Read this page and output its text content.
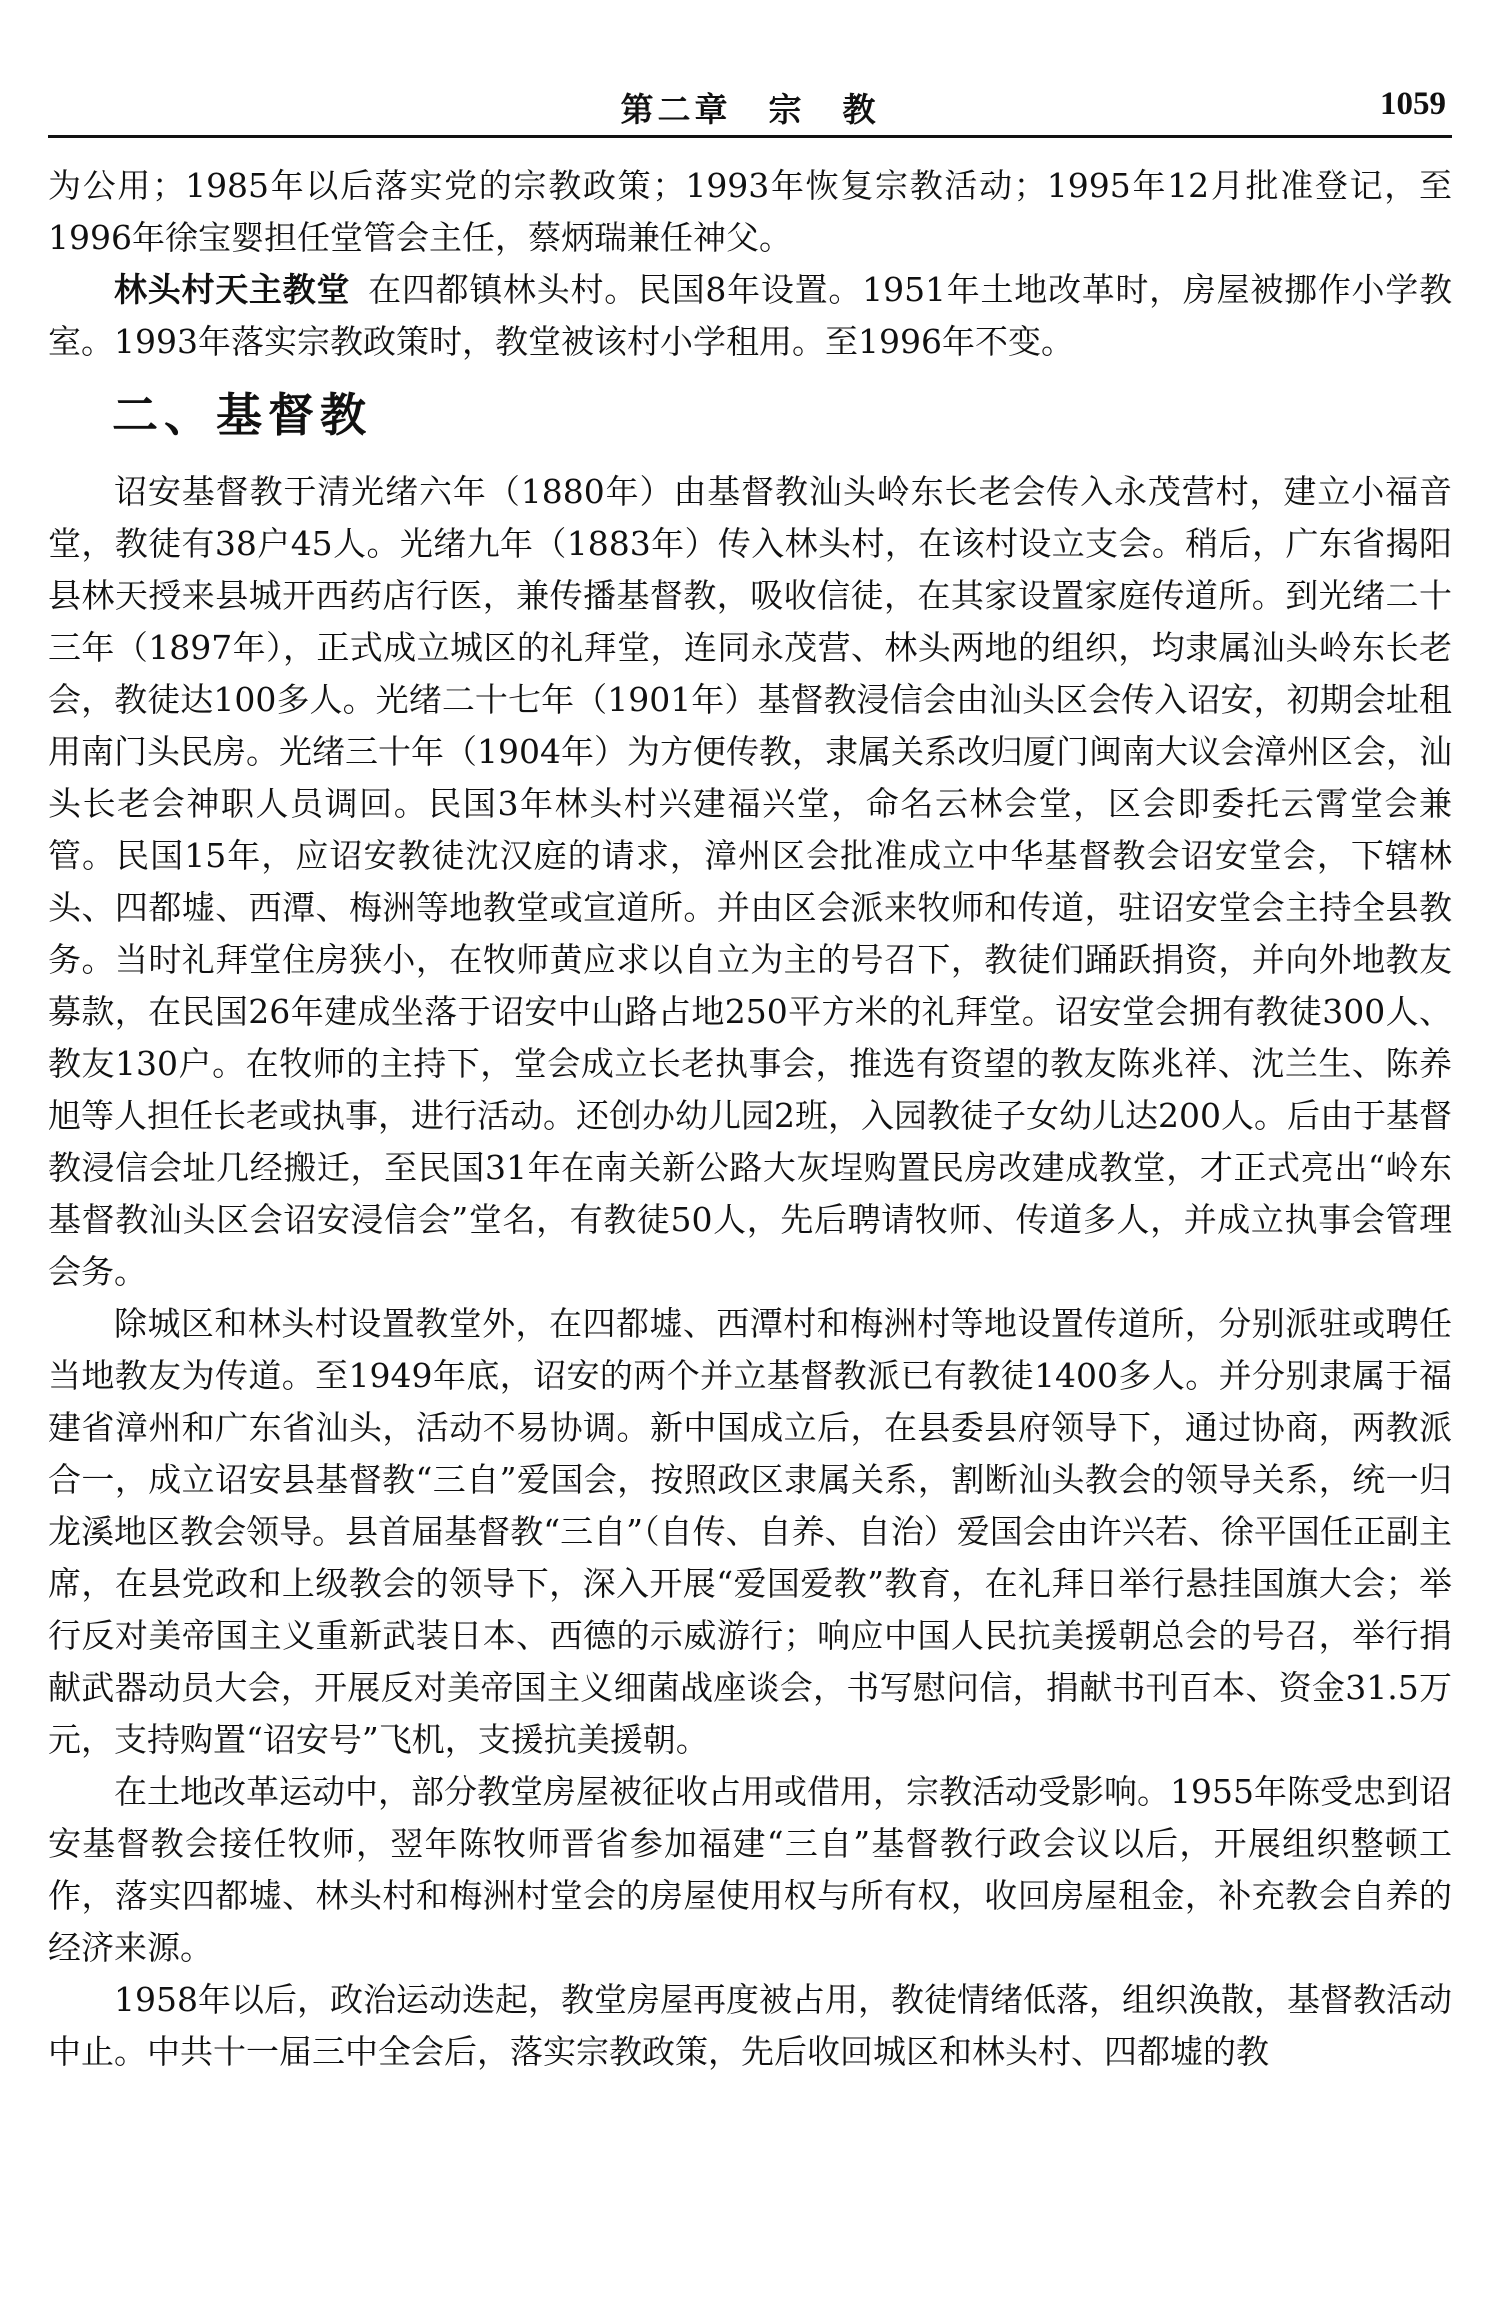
第二章　宗　教	1059

为公用；1985年以后落实党的宗教政策；1993年恢复宗教活动；1995年12月批准登记，至1996年徐宝婴担任堂管会主任，蔡炳瑞兼任神父。

林头村天主教堂 在四都镇林头村。民国8年设置。1951年土地改革时，房屋被挪作小学教室。1993年落实宗教政策时，教堂被该村小学租用。至1996年不变。

二、基督教

诏安基督教于清光绪六年（1880年）由基督教汕头岭东长老会传入永茂营村，建立小福音堂，教徒有38户45人。光绪九年（1883年）传入林头村，在该村设立支会。稍后，广东省揭阳县林天授来县城开西药店行医，兼传播基督教，吸收信徒，在其家设置家庭传道所。到光绪二十三年（1897年），正式成立城区的礼拜堂，连同永茂营、林头两地的组织，均隶属汕头岭东长老会，教徒达100多人。光绪二十七年（1901年）基督教浸信会由汕头区会传入诏安，初期会址租用南门头民房。光绪三十年（1904年）为方便传教，隶属关系改归厦门闽南大议会漳州区会，汕头长老会神职人员调回。民国3年林头村兴建福兴堂，命名云林会堂，区会即委托云霄堂会兼管。民国15年，应诏安教徒沈汉庭的请求，漳州区会批准成立中华基督教会诏安堂会，下辖林头、四都墟、西潭、梅洲等地教堂或宣道所。并由区会派来牧师和传道，驻诏安堂会主持全县教务。当时礼拜堂住房狭小，在牧师黄应求以自立为主的号召下，教徒们踊跃捐资，并向外地教友募款，在民国26年建成坐落于诏安中山路占地250平方米的礼拜堂。诏安堂会拥有教徒300人、教友130户。在牧师的主持下，堂会成立长老执事会，推选有资望的教友陈兆祥、沈兰生、陈养旭等人担任长老或执事，进行活动。还创办幼儿园2班，入园教徒子女幼儿达200人。后由于基督教浸信会址几经搬迁，至民国31年在南关新公路大灰埕购置民房改建成教堂，才正式亮出“岭东基督教汕头区会诏安浸信会”堂名，有教徒50人，先后聘请牧师、传道多人，并成立执事会管理会务。

除城区和林头村设置教堂外，在四都墟、西潭村和梅洲村等地设置传道所，分别派驻或聘任当地教友为传道。至1949年底，诏安的两个并立基督教派已有教徒1400多人。并分别隶属于福建省漳州和广东省汕头，活动不易协调。新中国成立后，在县委县府领导下，通过协商，两教派合一，成立诏安县基督教“三自”爱国会，按照政区隶属关系，割断汕头教会的领导关系，统一归龙溪地区教会领导。县首届基督教“三自”（自传、自养、自治）爱国会由许兴若、徐平国任正副主席，在县党政和上级教会的领导下，深入开展“爱国爱教”教育，在礼拜日举行悬挂国旗大会；举行反对美帝国主义重新武装日本、西德的示威游行；响应中国人民抗美援朝总会的号召，举行捐献武器动员大会，开展反对美帝国主义细菌战座谈会，书写慰问信，捐献书刊百本、资金31.5万元，支持购置“诏安号”飞机，支援抗美援朝。

在土地改革运动中，部分教堂房屋被征收占用或借用，宗教活动受影响。1955年陈受忠到诏安基督教会接任牧师，翌年陈牧师晋省参加福建“三自”基督教行政会议以后，开展组织整顿工作，落实四都墟、林头村和梅洲村堂会的房屋使用权与所有权，收回房屋租金，补充教会自养的经济来源。

1958年以后，政治运动迭起，教堂房屋再度被占用，教徒情绪低落，组织涣散，基督教活动中止。中共十一届三中全会后，落实宗教政策，先后收回城区和林头村、四都墟的教
